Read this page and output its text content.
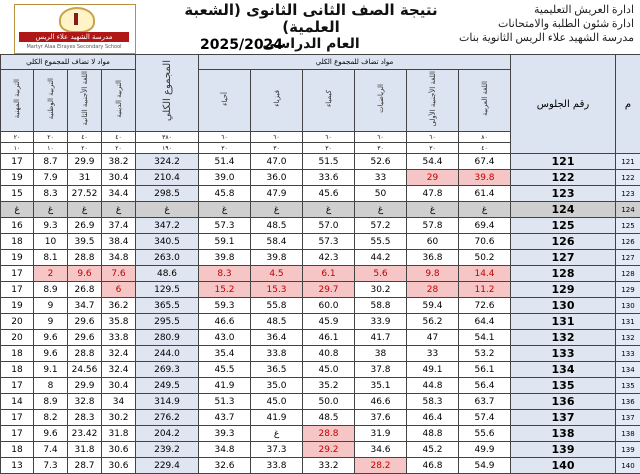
مدرسة الشهيد علاء الريس
Martyr Alaa Elrayes Secondary School
نتيجة الصف الثانى الثانوى (الشعبة العلمية)
العام الدراسى
2025/2024
ادارة العريش التعليمية
ادارة شئون الطلبة والامتحانات
مدرسة الشهيد علاء الريس الثانوية بنات
مواد لا تضاف للمجموع الكلي				المجموع الكلي	مواد تضاف للمجموع الكلي						رقم الجلوس	م
التربية المهنية	التربية الوطنية	اللغة الأجنبية الثانية	التربية الدينية		أحياء	فيزياء	كيمياء	الرياضيات	اللغة الأجنبية الأولى	اللغة العربية		
٢٠	٢٠	٤٠	٤٠	٣٨٠	٦٠	٦٠	٦٠	٦٠	٦٠	٨٠		
١٠	١٠	٢٠	٢٠	١٩٠	٣٠	٣٠	٣٠	٣٠	٣٠	٤٠		
17	8.7	29.9	38.2	324.2	51.4	47.0	51.5	52.6	54.4	67.4	121	121
19	7.9	31	30.4	210.4	39.0	36.0	33.6	33	29	39.8	122	122
15	8.3	27.52	34.4	298.5	45.8	47.9	45.6	50	47.8	61.4	123	123
غ	غ	غ	غ	غ	غ	غ	غ	غ	غ	غ	124	124
16	9.3	26.9	37.4	347.2	57.3	48.5	57.0	57.2	57.8	69.4	125	125
18	10	39.5	38.4	340.5	59.1	58.4	57.3	55.5	60	70.6	126	126
19	8.1	28.8	34.8	263.0	39.8	39.8	42.3	44.2	36.8	50.2	127	127
17	2	9.6	7.6	48.6	8.3	4.5	6.1	5.6	9.8	14.4	128	128
17	8.9	26.8	6	129.5	15.2	15.3	29.7	30.2	28	11.2	129	129
19	9	34.7	36.2	365.5	59.3	55.8	60.0	58.8	59.4	72.6	130	130
20	9	29.6	35.8	295.5	46.6	48.5	45.9	33.9	56.2	64.4	131	131
20	9.6	29.6	33.8	280.9	43.0	36.4	46.1	41.7	47	54.1	132	132
18	9.6	28.8	32.4	244.0	35.4	33.8	40.8	38	33	53.2	133	133
18	9.1	24.56	32.4	269.3	45.5	36.5	45.0	37.8	49.1	56.1	134	134
17	8	29.9	30.4	249.5	41.9	35.0	35.2	35.1	44.8	56.4	135	135
14	8.9	32.8	34	314.9	51.3	45.0	50.0	46.6	58.3	63.7	136	136
17	8.2	28.3	30.2	276.2	43.7	41.9	48.5	37.6	46.4	57.4	137	137
17	9.6	23.42	31.8	204.2	39.3	غ	28.8	31.9	48.8	55.6	138	138
18	7.4	31.8	30.6	239.2	34.8	37.3	29.2	34.6	45.2	49.9	139	139
13	7.3	28.7	30.6	229.4	32.6	33.8	33.2	28.2	46.8	54.9	140	140
